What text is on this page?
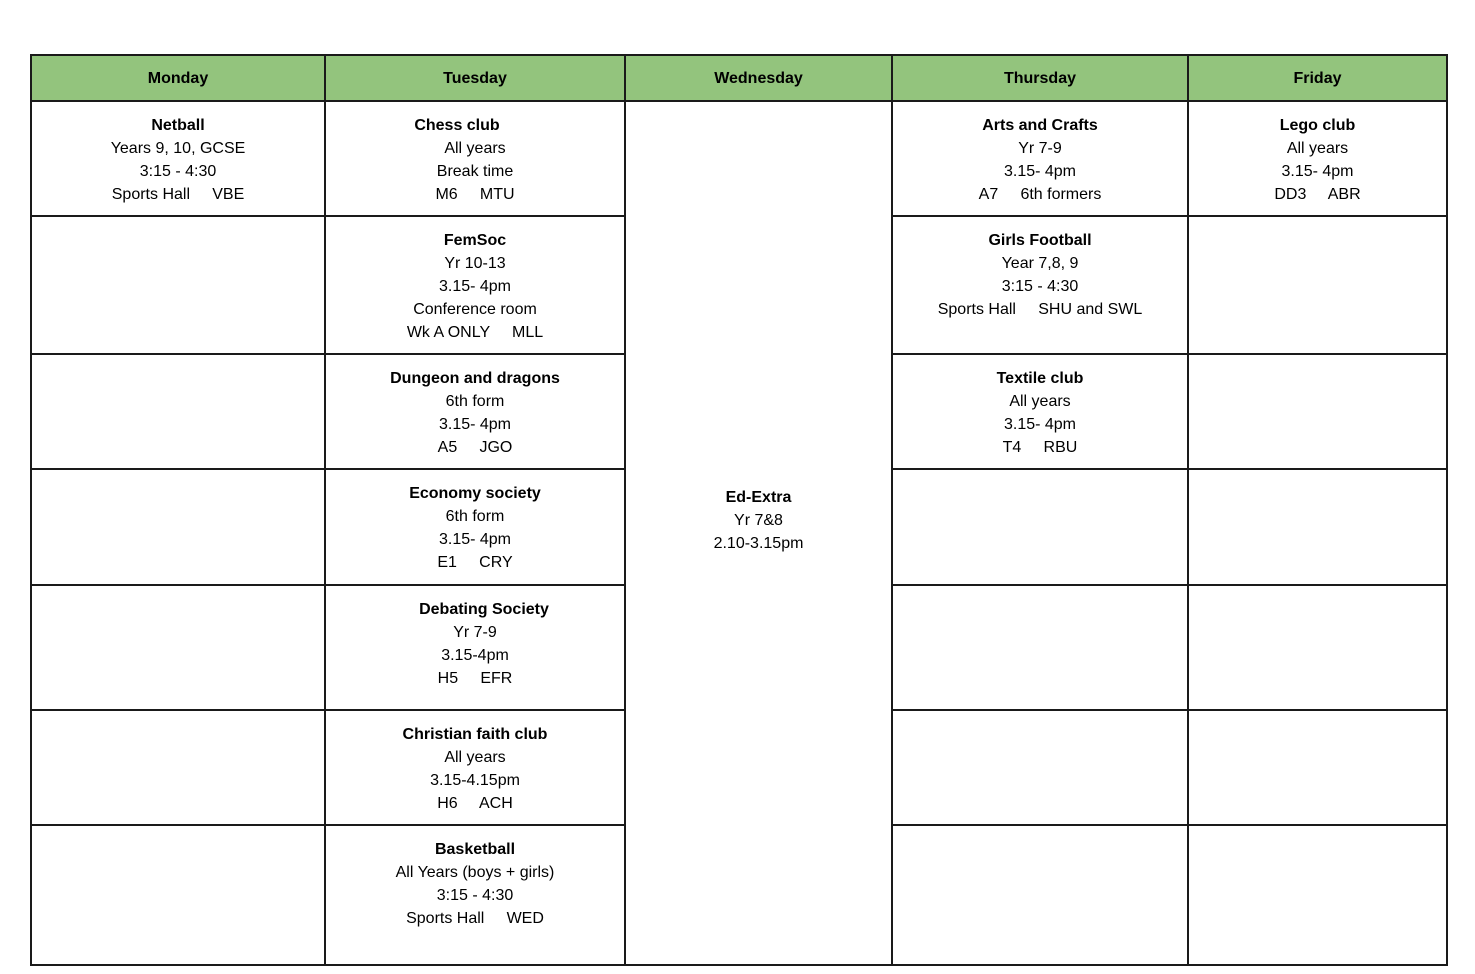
Monday	Tuesday	Wednesday	Thursday	Friday

Netball
Years 9, 10, GCSE
3:15 - 4:30
Sports Hall     VBE	Chess club
All years
Break time
M6     MTU	Ed-Extra
Yr 7&8
2.10-3.15pm	Arts and Crafts
Yr 7-9
3.15- 4pm
A7     6th formers	Lego club
All years
3.15- 4pm
DD3     ABR

	FemSoc
Yr 10-13
3.15- 4pm
Conference room
Wk A ONLY     MLL		Girls Football
Year 7,8, 9
3:15 - 4:30
Sports Hall     SHU and SWL	

	Dungeon and dragons
6th form
3.15- 4pm
A5     JGO		Textile club
All years
3.15- 4pm
T4     RBU	

	Economy society
6th form
3.15- 4pm
E1     CRY			

	Debating Society
Yr 7-9
3.15-4pm
H5     EFR			

	Christian faith club
All years
3.15-4.15pm
H6     ACH			

	Basketball
All Years (boys + girls)
3:15 - 4:30
Sports Hall     WED			
